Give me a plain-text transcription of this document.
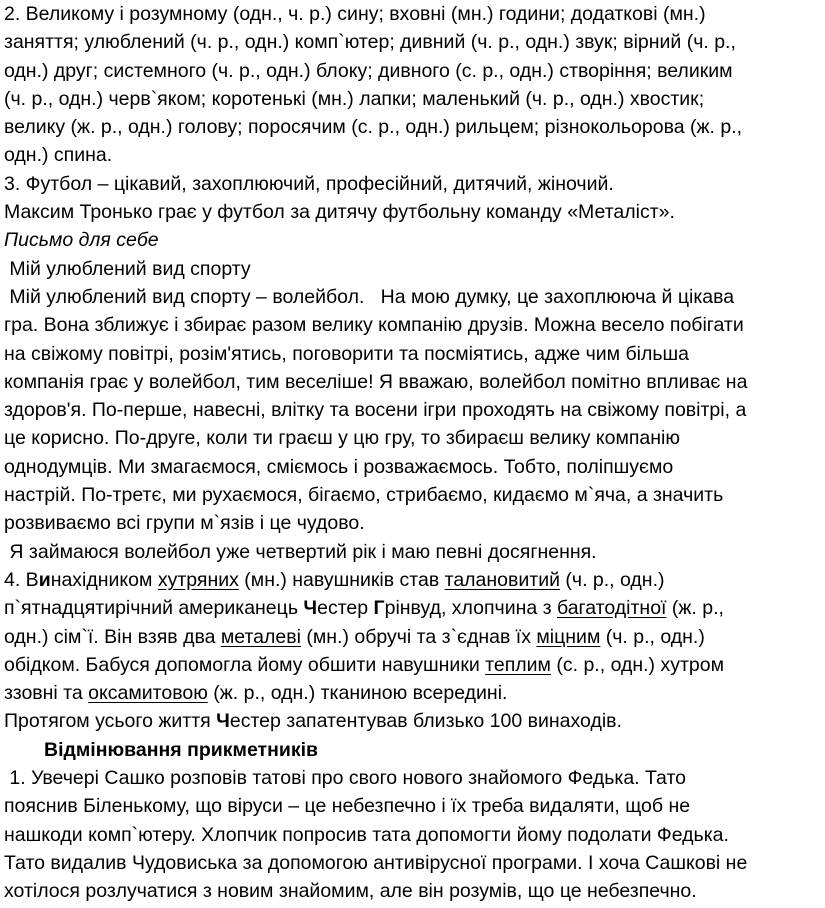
2. Великому і розумному (одн., ч. р.) сину; вховні (мн.) години; додаткові (мн.)
заняття; улюблений (ч. р., одн.) комп`ютер; дивний (ч. р., одн.) звук; вірний (ч. р.,
одн.) друг; системного (ч. р., одн.) блоку; дивного (с. р., одн.) створіння; великим
(ч. р., одн.) черв`яком; коротенькі (мн.) лапки; маленький (ч. р., одн.) хвостик;
велику (ж. р., одн.) голову; поросячим (с. р., одн.) рильцем; різнокольорова (ж. р.,
одн.) спина.
3. Футбол – цікавий, захоплюючий, професійний, дитячий, жіночий.
Максим Тронько грає у футбол за дитячу футбольну команду «Металіст».
Письмо для себе
Мій улюблений вид спорту
Мій улюблений вид спорту – волейбол.   На мою думку, це захоплююча й цікава
гра. Вона зближує і збирає разом велику компанію друзів. Можна весело побігати
на свіжому повітрі, розім'ятись, поговорити та посміятись, адже чим більша
компанія грає у волейбол, тим веселіше! Я вважаю, волейбол помітно впливає на
здоров'я. По-перше, навесні, влітку та восени ігри проходять на свіжому повітрі, а
це корисно. По-друге, коли ти граєш у цю гру, то збираєш велику компанію
однодумців. Ми змагаємося, сміємось і розважаємось. Тобто, поліпшуємо
настрій. По-третє, ми рухаємося, бігаємо, стрибаємо, кидаємо м`яча, а значить
розвиваємо всі групи м`язів і це чудово.
Я займаюся волейбол уже четвертий рік і маю певні досягнення.
4. Винахідником хутряних (мн.) навушників став талановитий (ч. р., одн.)
п`ятнадцятирічний американець Честер Грінвуд, хлопчина з багатодітної (ж. р.,
одн.) сім`ї. Він взяв два металеві (мн.) обручі та з`єднав їх міцним (ч. р., одн.)
обідком. Бабуся допомогла йому обшити навушники теплим (с. р., одн.) хутром
ззовні та оксамитовою (ж. р., одн.) тканиною всередині.
Протягом усього життя Честер запатентував близько 100 винаходів.
Відмінювання прикметників
1. Увечері Сашко розповів татові про свого нового знайомого Федька. Тато
пояснив Біленькому, що віруси – це небезпечно і їх треба видаляти, щоб не
нашкоди комп`ютеру. Хлопчик попросив тата допомогти йому подолати Федька.
Тато видалив Чудовиська за допомогою антивірусної програми. І хоча Сашкові не
хотілося розлучатися з новим знайомим, але він розумів, що це небезпечно.
